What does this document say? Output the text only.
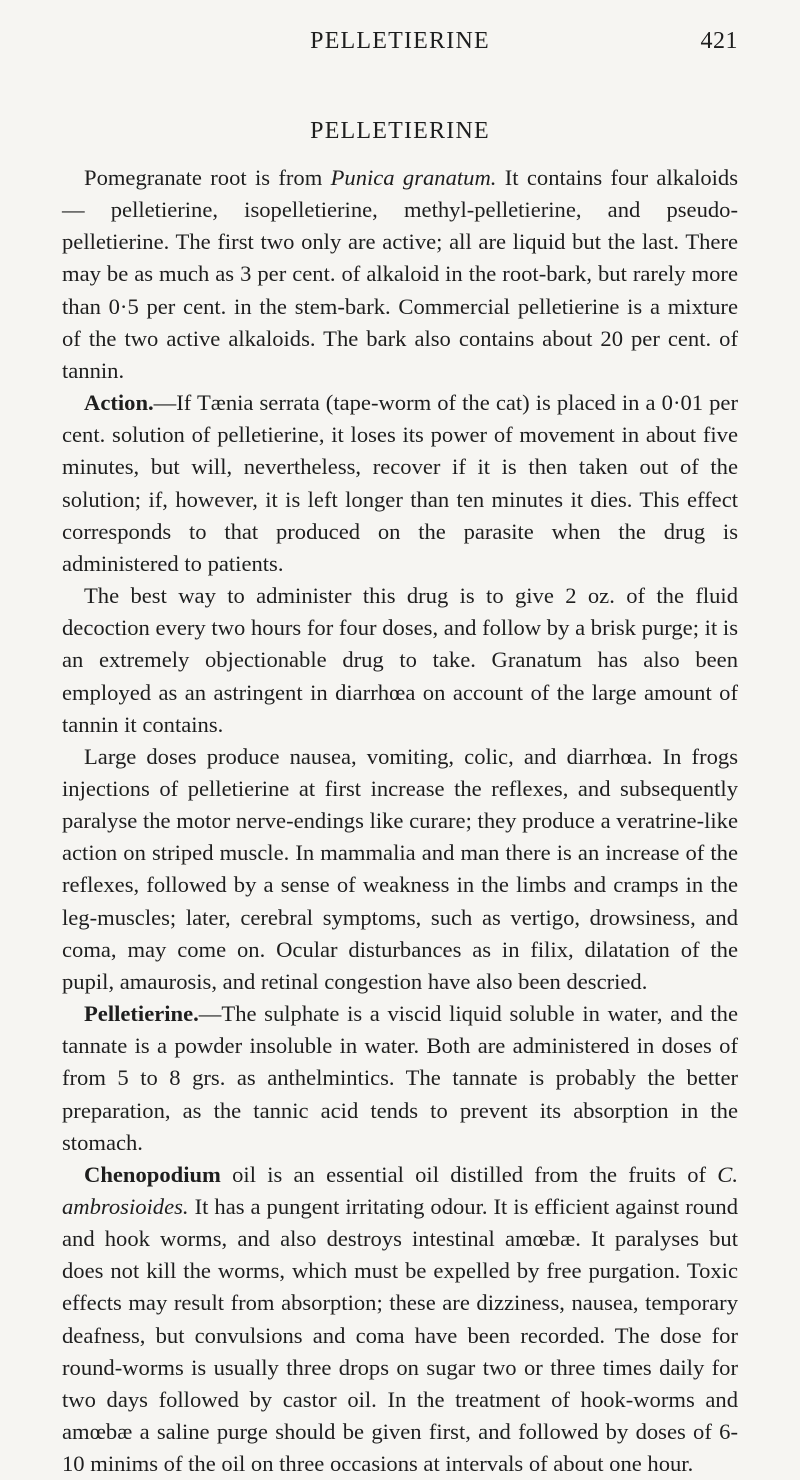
PELLETIERINE	421
PELLETIERINE

Pomegranate root is from Punica granatum. It contains four alkaloids — pelletierine, isopelletierine, methyl-pelletierine, and pseudo-pelletierine. The first two only are active; all are liquid but the last. There may be as much as 3 per cent. of alkaloid in the root-bark, but rarely more than 0·5 per cent. in the stem-bark. Commercial pelletierine is a mixture of the two active alkaloids. The bark also contains about 20 per cent. of tannin.

Action.—If Tænia serrata (tape-worm of the cat) is placed in a 0·01 per cent. solution of pelletierine, it loses its power of movement in about five minutes, but will, nevertheless, recover if it is then taken out of the solution; if, however, it is left longer than ten minutes it dies. This effect corresponds to that produced on the parasite when the drug is administered to patients.

The best way to administer this drug is to give 2 oz. of the fluid decoction every two hours for four doses, and follow by a brisk purge; it is an extremely objectionable drug to take. Granatum has also been employed as an astringent in diarrhœa on account of the large amount of tannin it contains.

Large doses produce nausea, vomiting, colic, and diarrhœa. In frogs injections of pelletierine at first increase the reflexes, and subsequently paralyse the motor nerve-endings like curare; they produce a veratrine-like action on striped muscle. In mammalia and man there is an increase of the reflexes, followed by a sense of weakness in the limbs and cramps in the leg-muscles; later, cerebral symptoms, such as vertigo, drowsiness, and coma, may come on. Ocular disturbances as in filix, dilatation of the pupil, amaurosis, and retinal congestion have also been descried.

Pelletierine.—The sulphate is a viscid liquid soluble in water, and the tannate is a powder insoluble in water. Both are administered in doses of from 5 to 8 grs. as anthelmintics. The tannate is probably the better preparation, as the tannic acid tends to prevent its absorption in the stomach.

Chenopodium oil is an essential oil distilled from the fruits of C. ambrosioides. It has a pungent irritating odour. It is efficient against round and hook worms, and also destroys intestinal amœbæ. It paralyses but does not kill the worms, which must be expelled by free purgation. Toxic effects may result from absorption; these are dizziness, nausea, temporary deafness, but convulsions and coma have been recorded. The dose for round-worms is usually three drops on sugar two or three times daily for two days followed by castor oil. In the treatment of hook-worms and amœbæ a saline purge should be given first, and followed by doses of 6-10 minims of the oil on three occasions at intervals of about one hour.
